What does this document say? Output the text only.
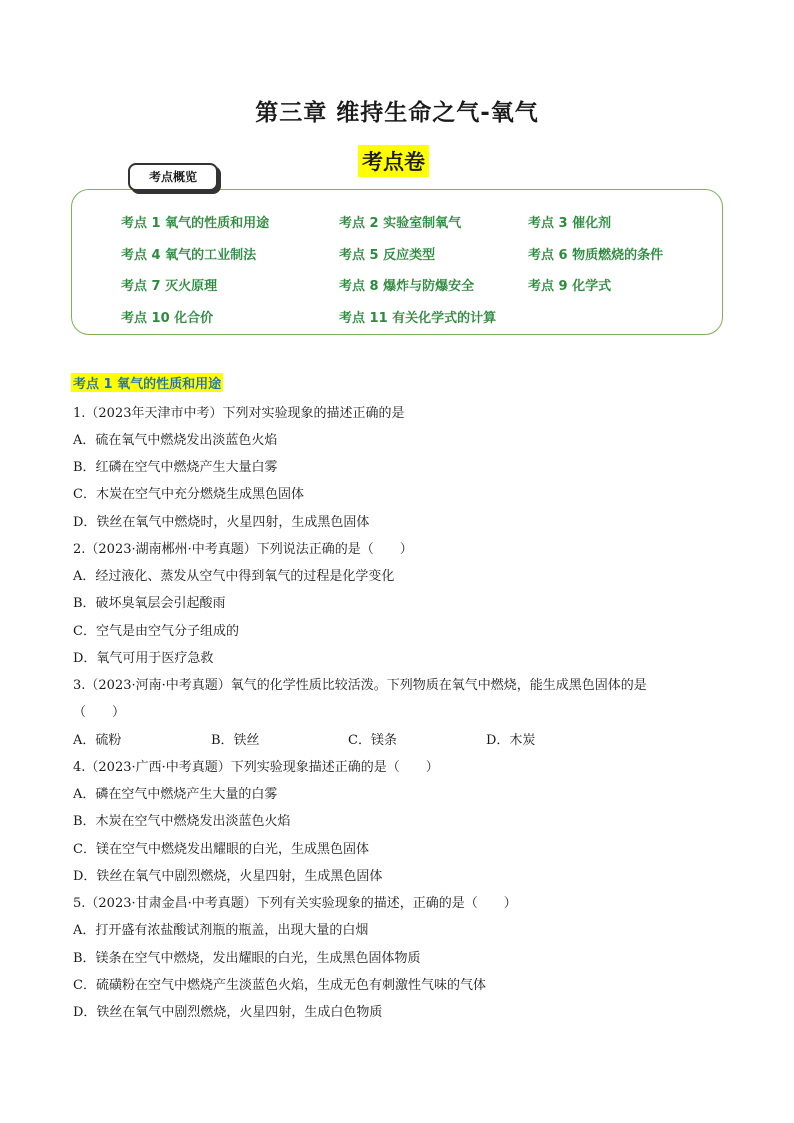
第三章 维持生命之气-氧气
考点卷
考点概览
考点 1 氧气的性质和用途	考点 2 实验室制氧气	考点 3 催化剂
考点 4 氧气的工业制法	考点 5 反应类型	考点 6 物质燃烧的条件
考点 7 灭火原理	考点 8 爆炸与防爆安全	考点 9 化学式
考点 10 化合价	考点 11 有关化学式的计算
考点 1 氧气的性质和用途
1.（2023年天津市中考）下列对实验现象的描述正确的是
A．硫在氧气中燃烧发出淡蓝色火焰
B．红磷在空气中燃烧产生大量白雾
C．木炭在空气中充分燃烧生成黑色固体
D．铁丝在氧气中燃烧时，火星四射，生成黑色固体
2.（2023·湖南郴州·中考真题）下列说法正确的是（　　）
A．经过液化、蒸发从空气中得到氧气的过程是化学变化
B．破坏臭氧层会引起酸雨
C．空气是由空气分子组成的
D．氧气可用于医疗急救
3.（2023·河南·中考真题）氧气的化学性质比较活泼。下列物质在氧气中燃烧，能生成黑色固体的是
（　　）
A．硫粉	B．铁丝	C．镁条	D．木炭
4.（2023·广西·中考真题）下列实验现象描述正确的是（　　）
A．磷在空气中燃烧产生大量的白雾
B．木炭在空气中燃烧发出淡蓝色火焰
C．镁在空气中燃烧发出耀眼的白光，生成黑色固体
D．铁丝在氧气中剧烈燃烧，火星四射，生成黑色固体
5.（2023·甘肃金昌·中考真题）下列有关实验现象的描述，正确的是（　　）
A．打开盛有浓盐酸试剂瓶的瓶盖，出现大量的白烟
B．镁条在空气中燃烧，发出耀眼的白光，生成黑色固体物质
C．硫磺粉在空气中燃烧产生淡蓝色火焰，生成无色有刺激性气味的气体
D．铁丝在氧气中剧烈燃烧，火星四射，生成白色物质
